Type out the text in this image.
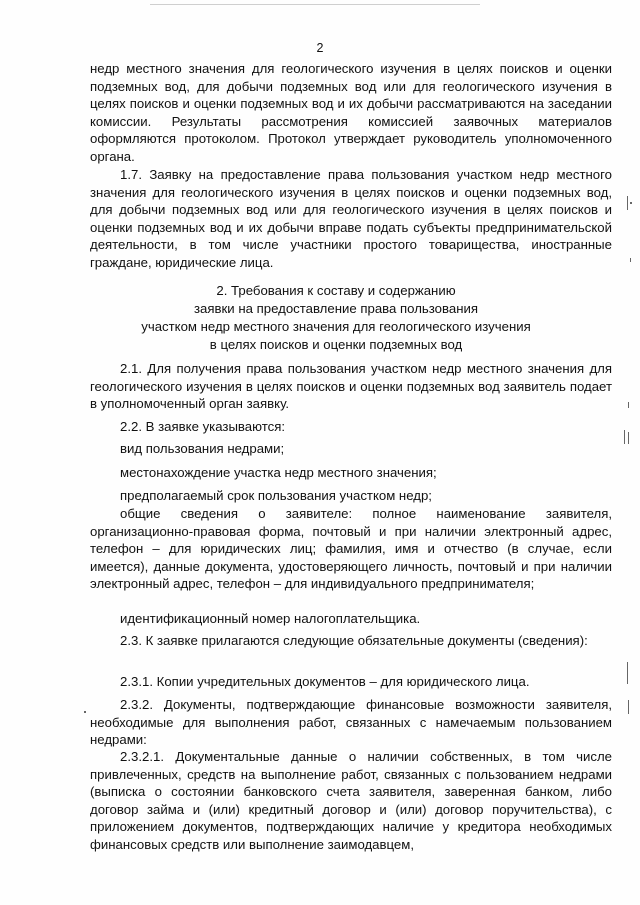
2

недр местного значения для геологического изучения в целях поисков и оценки подземных вод, для добычи подземных вод или для геологического изучения в целях поисков и оценки подземных вод и их добычи рассматриваются на заседании комиссии. Результаты рассмотрения комиссией заявочных материалов оформляются протоколом. Протокол утверждает руководитель уполномоченного органа.

1.7. Заявку на предоставление права пользования участком недр местного значения для геологического изучения в целях поисков и оценки подземных вод, для добычи подземных вод или для геологического изучения в целях поисков и оценки подземных вод и их добычи вправе подать субъекты предпринимательской деятельности, в том числе участники простого товарищества, иностранные граждане, юридические лица.

2. Требования к составу и содержанию
заявки на предоставление права пользования
участком недр местного значения для геологического изучения
в целях поисков и оценки подземных вод

2.1. Для получения права пользования участком недр местного значения для геологического изучения в целях поисков и оценки подземных вод заявитель подает в уполномоченный орган заявку.

2.2. В заявке указываются:

вид пользования недрами;

местонахождение участка недр местного значения;

предполагаемый срок пользования участком недр;

общие сведения о заявителе: полное наименование заявителя, организационно-правовая форма, почтовый и при наличии электронный адрес, телефон – для юридических лиц; фамилия, имя и отчество (в случае, если имеется), данные документа, удостоверяющего личность, почтовый и при наличии электронный адрес, телефон – для индивидуального предпринимателя;

идентификационный номер налогоплательщика.

2.3. К заявке прилагаются следующие обязательные документы (сведения):

2.3.1. Копии учредительных документов – для юридического лица.

2.3.2. Документы, подтверждающие финансовые возможности заявителя, необходимые для выполнения работ, связанных с намечаемым пользованием недрами:

2.3.2.1. Документальные данные о наличии собственных, в том числе привлеченных, средств на выполнение работ, связанных с пользованием недрами (выписка о состоянии банковского счета заявителя, заверенная банком, либо договор займа и (или) кредитный договор и (или) договор поручительства), с приложением документов, подтверждающих наличие у кредитора необходимых финансовых средств или выполнение заимодавцем,
